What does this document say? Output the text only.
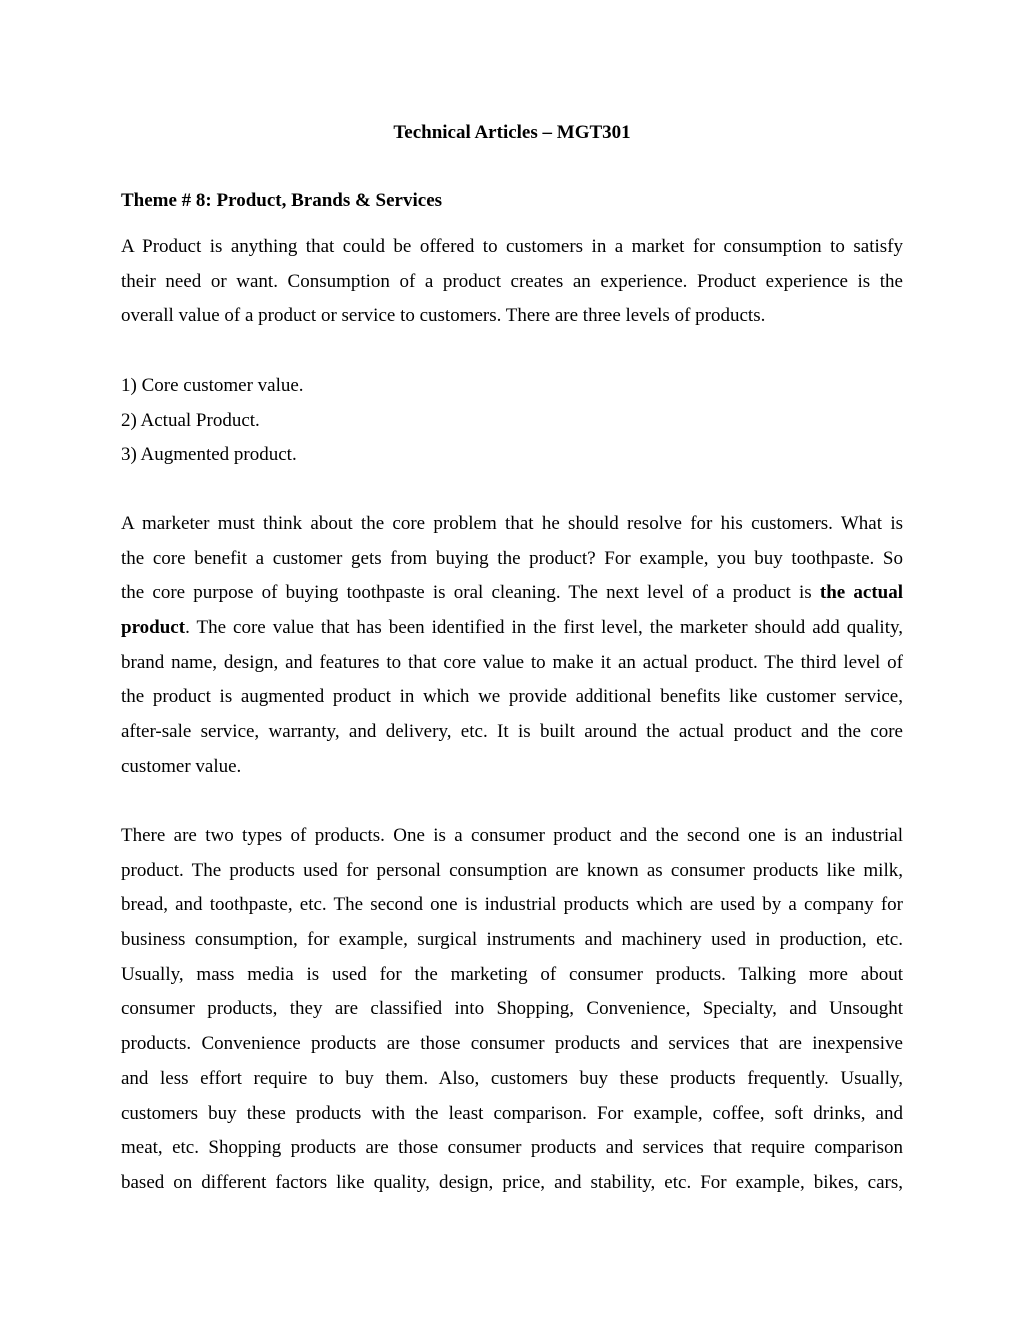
Technical Articles – MGT301
Theme # 8: Product, Brands & Services
A Product is anything that could be offered to customers in a market for consumption to satisfy
their need or want. Consumption of a product creates an experience. Product experience is the
overall value of a product or service to customers. There are three levels of products.
1) Core customer value.
2) Actual Product.
3) Augmented product.
A marketer must think about the core problem that he should resolve for his customers. What is
the core benefit a customer gets from buying the product? For example, you buy toothpaste. So
the core purpose of buying toothpaste is oral cleaning. The next level of a product is the actual
product. The core value that has been identified in the first level, the marketer should add quality,
brand name, design, and features to that core value to make it an actual product. The third level of
the product is augmented product in which we provide additional benefits like customer service,
after-sale service, warranty, and delivery, etc. It is built around the actual product and the core
customer value.
There are two types of products. One is a consumer product and the second one is an industrial
product. The products used for personal consumption are known as consumer products like milk,
bread, and toothpaste, etc. The second one is industrial products which are used by a company for
business consumption, for example, surgical instruments and machinery used in production, etc.
Usually, mass media is used for the marketing of consumer products. Talking more about
consumer products, they are classified into Shopping, Convenience, Specialty, and Unsought
products. Convenience products are those consumer products and services that are inexpensive
and less effort require to buy them. Also, customers buy these products frequently. Usually,
customers buy these products with the least comparison. For example, coffee, soft drinks, and
meat, etc. Shopping products are those consumer products and services that require comparison
based on different factors like quality, design, price, and stability, etc. For example, bikes, cars,
